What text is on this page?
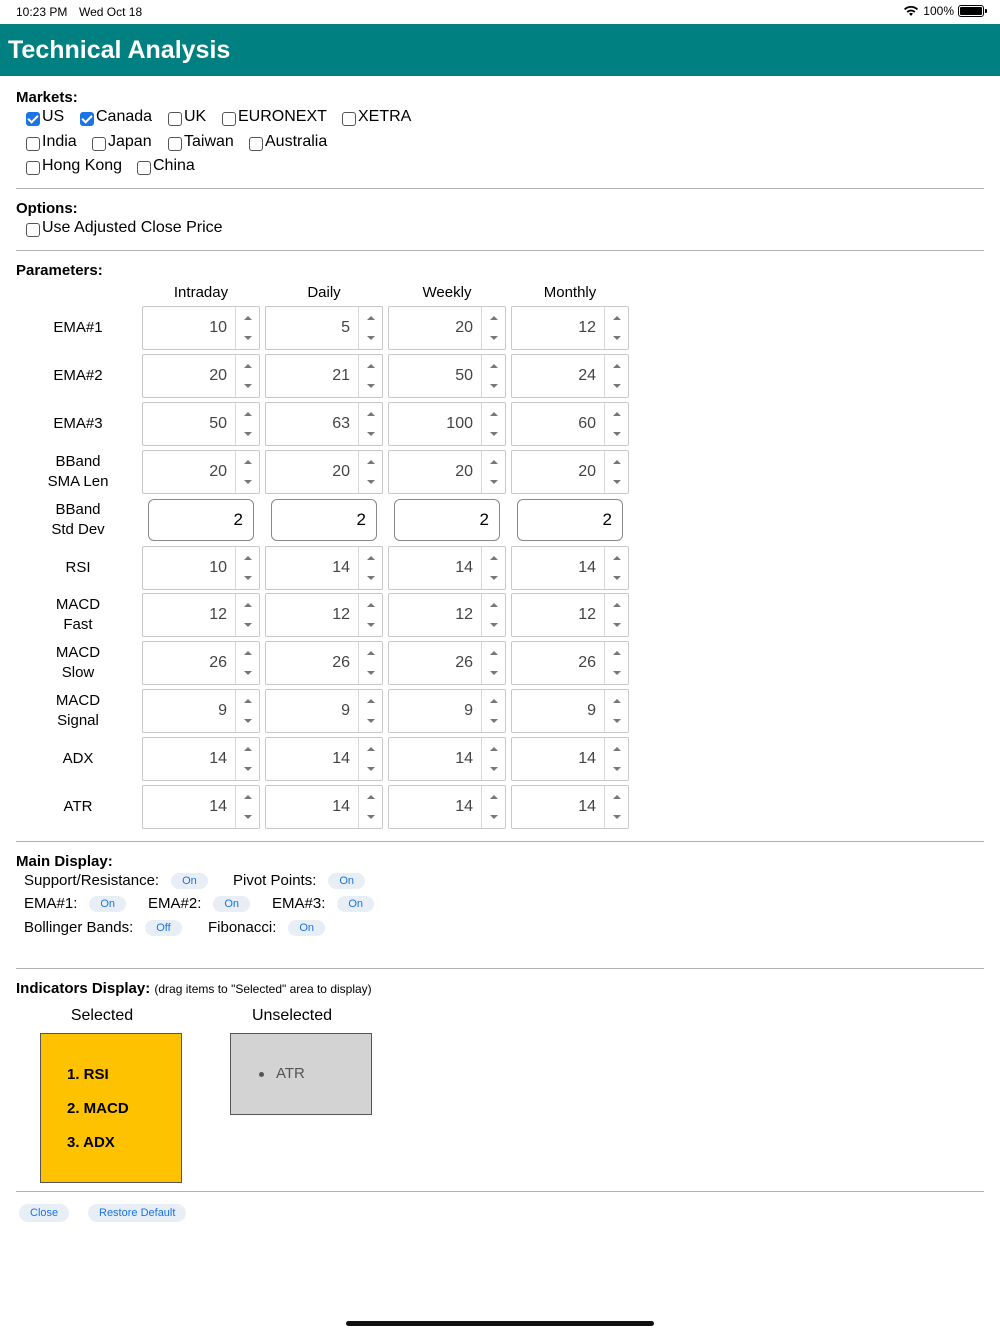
10:23 PM Wed Oct 18	100%
Technical Analysis
Markets:
US Canada UK EURONEXT XETRA
India Japan Taiwan Australia
Hong Kong China
Options:
Use Adjusted Close Price
Parameters:
Intraday	Daily	Weekly	Monthly
EMA#1	10	5	20	12
EMA#2	20	21	50	24
EMA#3	50	63	100	60
BBand
SMA Len
20	20	20	20
BBand
Std Dev
2	2	2	2
RSI	10	14	14	14
MACD
Fast
12	12	12	12
MACD
Slow
26	26	26	26
MACD
Signal
9	9	9	9
ADX	14	14	14	14
ATR	14	14	14	14
Main Display:
Support/Resistance:	On	Pivot Points:	On
EMA#1:	On	EMA#2:	On	EMA#3:	On
Bollinger Bands:	Off	Fibonacci:	On
Indicators Display: (drag items to "Selected" area to display)
Selected	Unselected
1. RSI
2. MACD
3. ADX
ATR
Close	Restore Default
